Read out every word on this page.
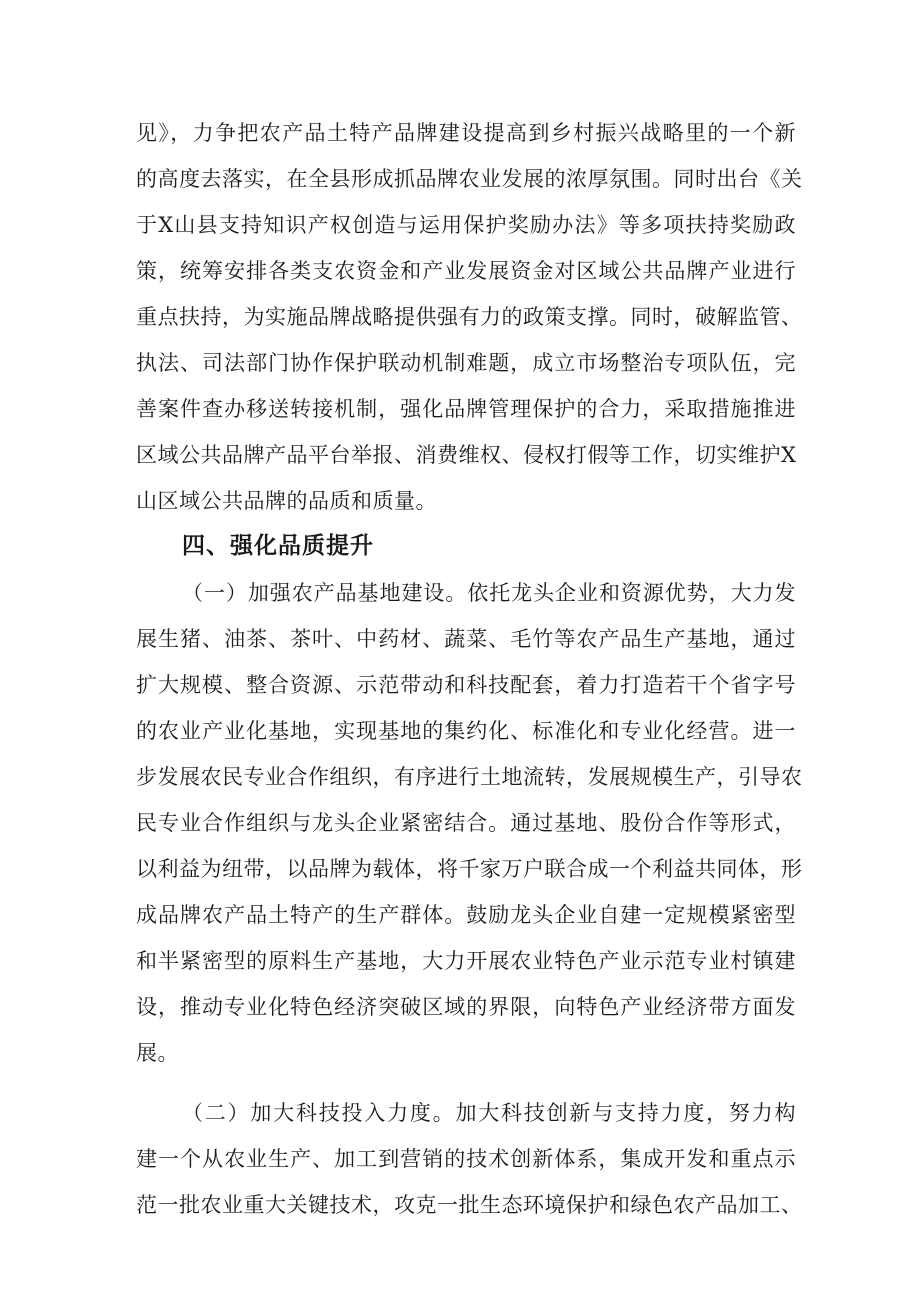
见》，力争把农产品土特产品牌建设提高到乡村振兴战略里的一个新
的高度去落实，在全县形成抓品牌农业发展的浓厚氛围。同时出台《关
于X山县支持知识产权创造与运用保护奖励办法》等多项扶持奖励政
策，统筹安排各类支农资金和产业发展资金对区域公共品牌产业进行
重点扶持，为实施品牌战略提供强有力的政策支撑。同时，破解监管、
执法、司法部门协作保护联动机制难题，成立市场整治专项队伍，完
善案件查办移送转接机制，强化品牌管理保护的合力，采取措施推进
区域公共品牌产品平台举报、消费维权、侵权打假等工作，切实维护X
山区域公共品牌的品质和质量。
四、强化品质提升
（一）加强农产品基地建设。依托龙头企业和资源优势，大力发
展生猪、油茶、茶叶、中药材、蔬菜、毛竹等农产品生产基地，通过
扩大规模、整合资源、示范带动和科技配套，着力打造若干个省字号
的农业产业化基地，实现基地的集约化、标准化和专业化经营。进一
步发展农民专业合作组织，有序进行土地流转，发展规模生产，引导农
民专业合作组织与龙头企业紧密结合。通过基地、股份合作等形式，
以利益为纽带，以品牌为载体，将千家万户联合成一个利益共同体，形
成品牌农产品土特产的生产群体。鼓励龙头企业自建一定规模紧密型
和半紧密型的原料生产基地，大力开展农业特色产业示范专业村镇建
设，推动专业化特色经济突破区域的界限，向特色产业经济带方面发
展。
（二）加大科技投入力度。加大科技创新与支持力度，努力构
建一个从农业生产、加工到营销的技术创新体系，集成开发和重点示
范一批农业重大关键技术，攻克一批生态环境保护和绿色农产品加工、
